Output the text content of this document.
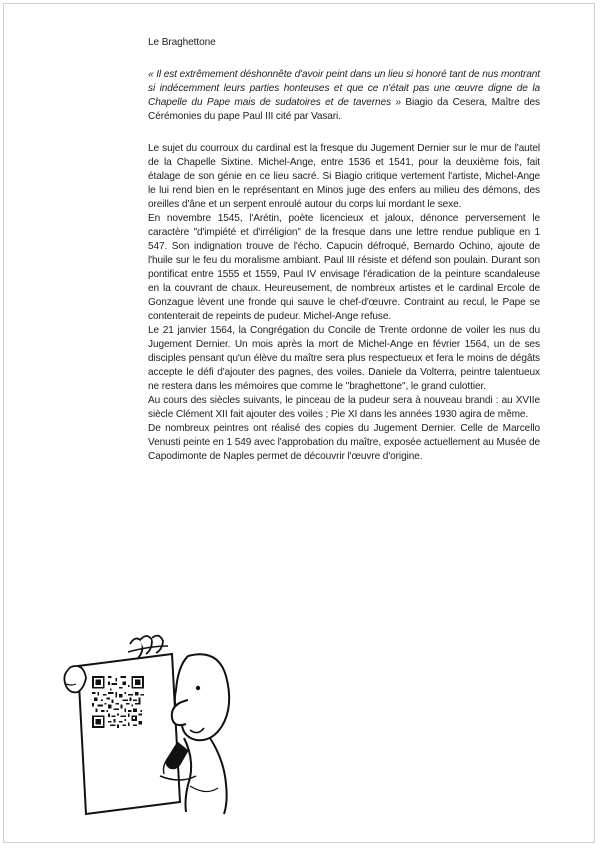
Le Braghettone

« Il est extrêmement déshonnête d'avoir peint dans un lieu si honoré tant de nus montrant si indécemment leurs parties honteuses et que ce n'était pas une œuvre digne de la Chapelle du Pape mais de sudatoires et de tavernes » Biagio da Cesera, Maître des Cérémonies du pape Paul III cité par Vasari.

Le sujet du courroux du cardinal est la fresque du Jugement Dernier sur le mur de l'autel de la Chapelle Sixtine. Michel-Ange, entre 1536 et 1541, pour la deuxième fois, fait étalage de son génie en ce lieu sacré. Si Biagio critique vertement l'artiste, Michel-Ange le lui rend bien en le représentant en Minos juge des enfers au milieu des démons, des oreilles d'âne et un serpent enroulé autour du corps lui mordant le sexe.

En novembre 1545, l'Arétin, poète licencieux et jaloux, dénonce perversement le caractère "d'impiété et d'irréligion" de la fresque dans une lettre rendue publique en 1 547. Son indignation trouve de l'écho. Capucin défroqué, Bernardo Ochino, ajoute de l'huile sur le feu du moralisme ambiant. Paul III résiste et défend son poulain. Durant son pontificat entre 1555 et 1559, Paul IV envisage l'éradication de la peinture scandaleuse en la couvrant de chaux. Heureusement, de nombreux artistes et le cardinal Ercole de Gonzague lèvent une fronde qui sauve le chef-d'œuvre. Contraint au recul, le Pape se contenterait de repeints de pudeur. Michel-Ange refuse.

Le 21 janvier 1564, la Congrégation du Concile de Trente ordonne de voiler les nus du Jugement Dernier. Un mois après la mort de Michel-Ange en février 1564, un de ses disciples pensant qu'un élève du maître sera plus respectueux et fera le moins de dégâts accepte le défi d'ajouter des pagnes, des voiles. Daniele da Volterra, peintre talentueux ne restera dans les mémoires que comme le "braghettone", le grand culottier.

Au cours des siècles suivants, le pinceau de la pudeur sera à nouveau brandi : au XVIIe siècle Clément XII fait ajouter des voiles ; Pie XI dans les années 1930 agira de même.

De nombreux peintres ont réalisé des copies du Jugement Dernier. Celle de Marcello Venusti peinte en 1 549 avec l'approbation du maître, exposée actuellement au Musée de Capodimonte de Naples permet de découvrir l'œuvre d'origine.
